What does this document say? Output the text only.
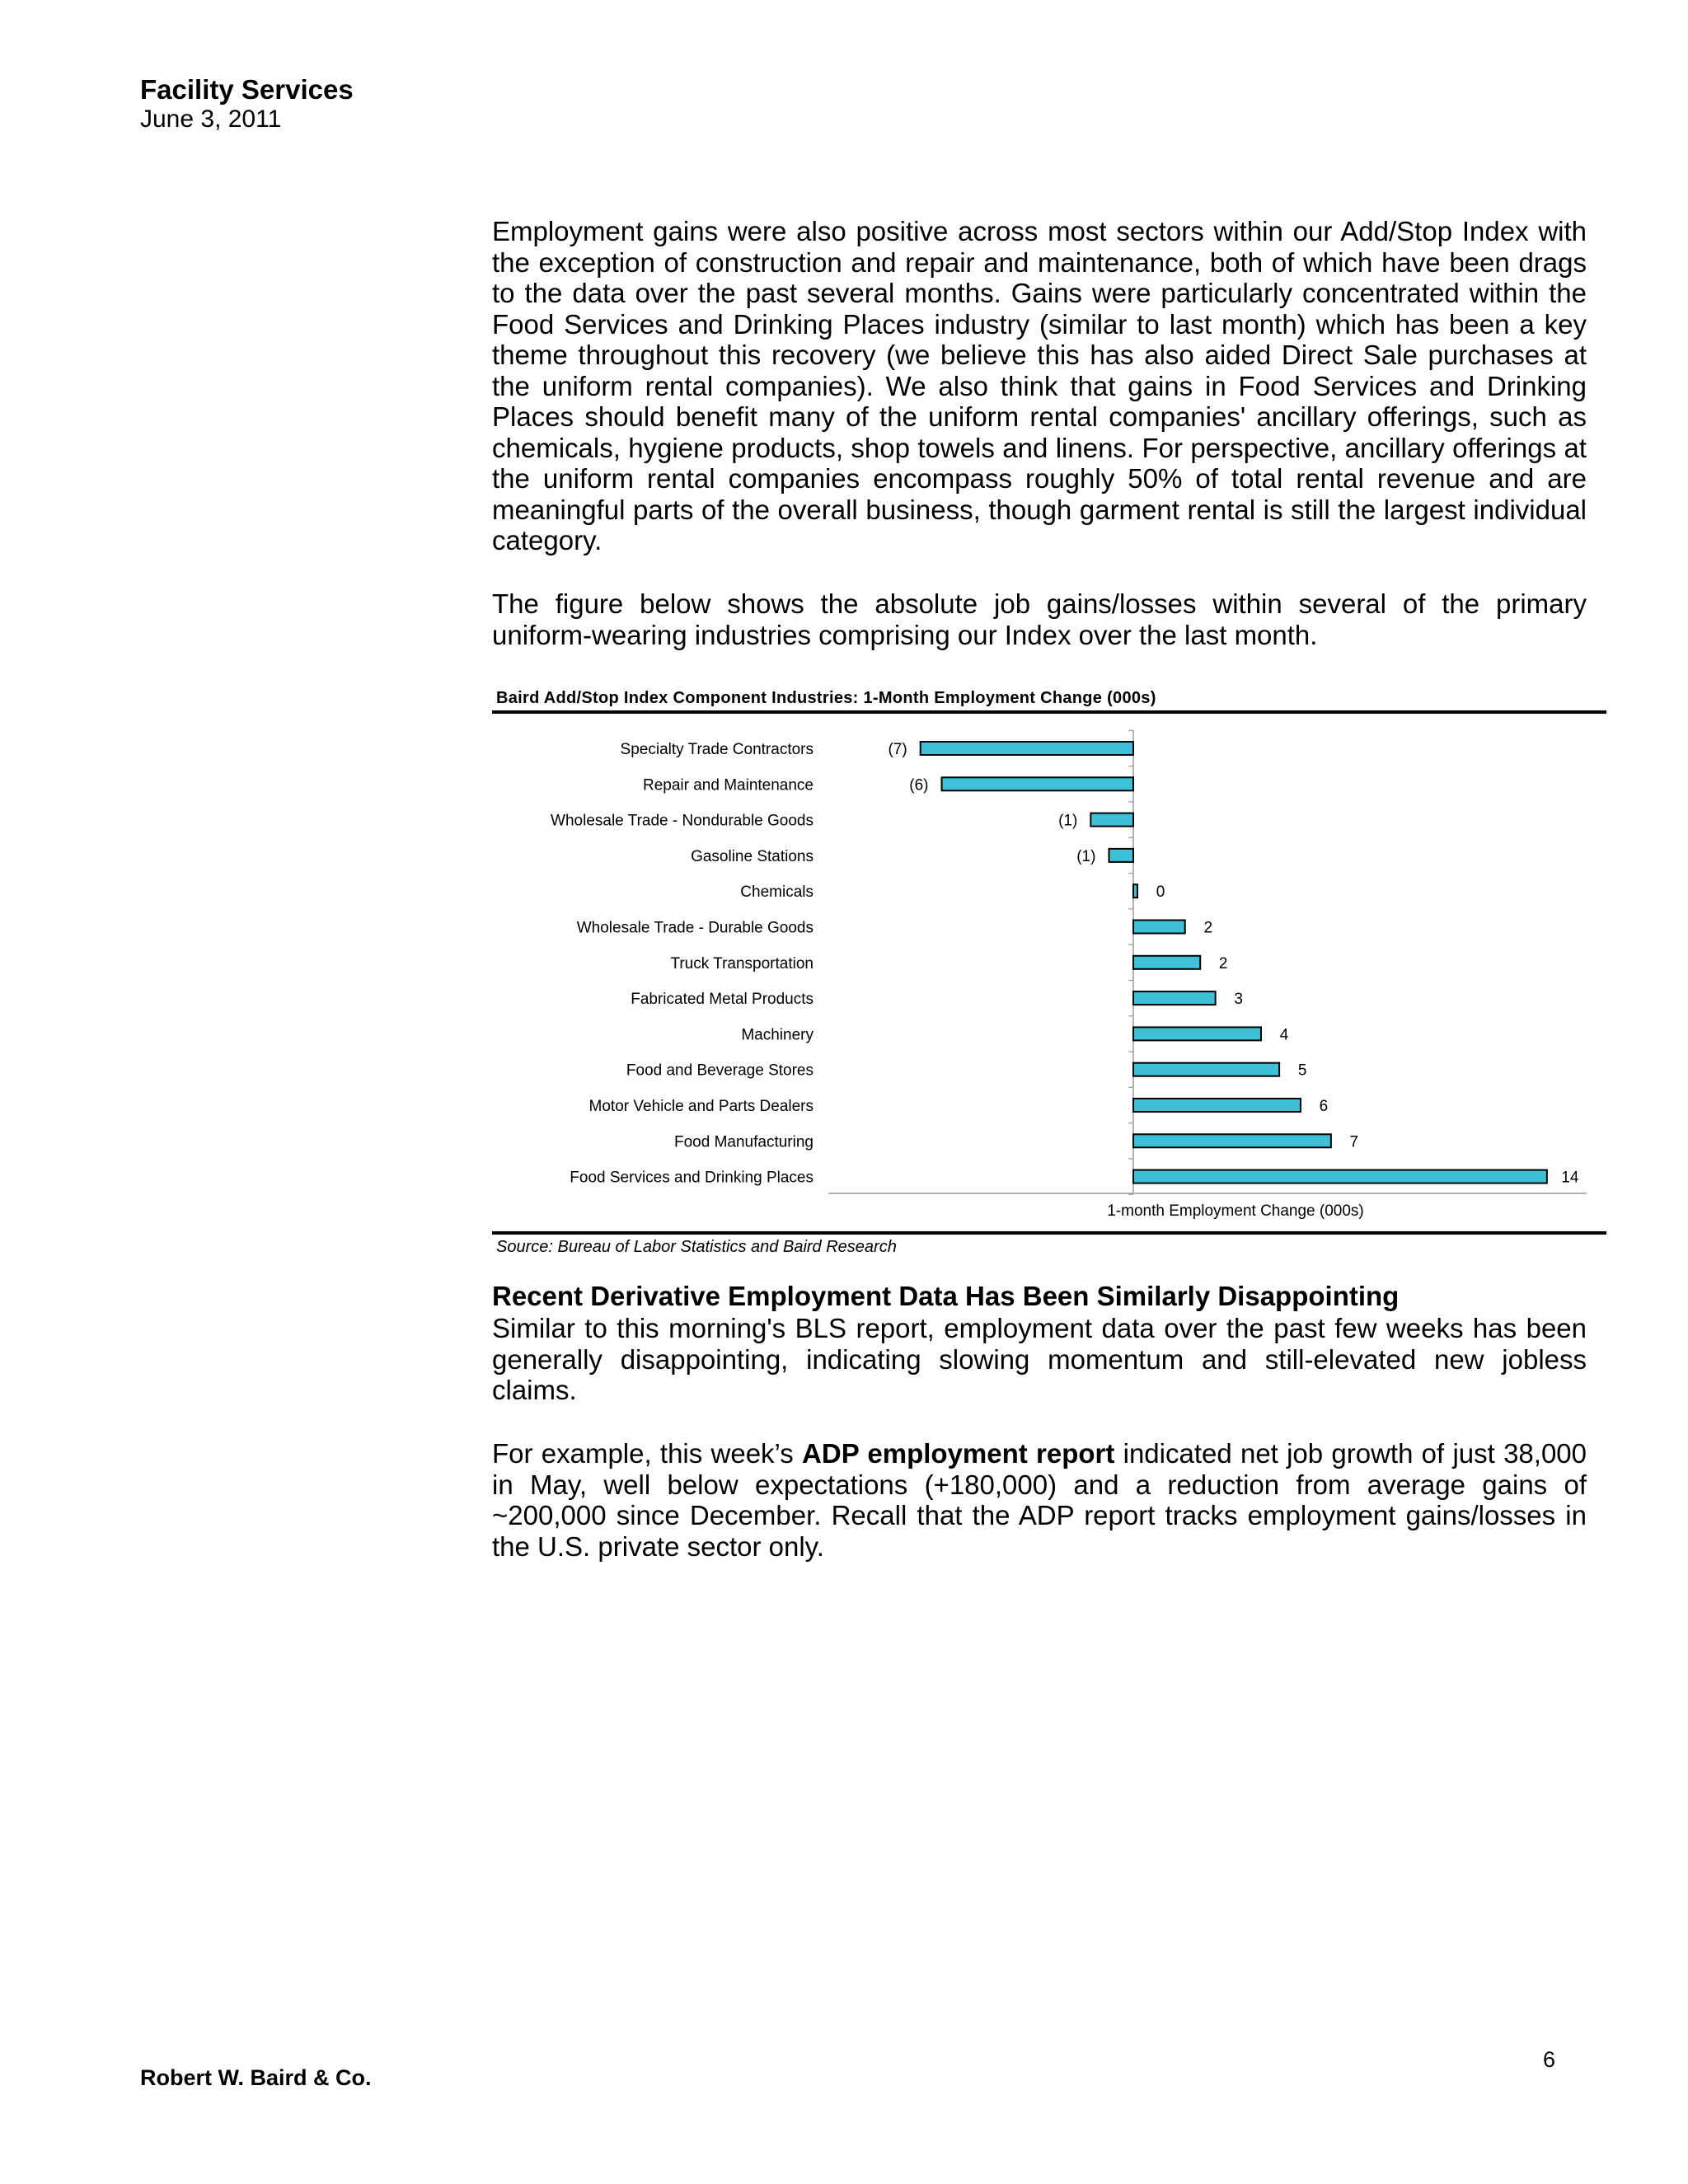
Facility Services
June 3, 2011

Employment gains were also positive across most sectors within our Add/Stop Index with the exception of construction and repair and maintenance, both of which have been drags to the data over the past several months. Gains were particularly concentrated within the Food Services and Drinking Places industry (similar to last month) which has been a key theme throughout this recovery (we believe this has also aided Direct Sale purchases at the uniform rental companies). We also think that gains in Food Services and Drinking Places should benefit many of the uniform rental companies' ancillary offerings, such as chemicals, hygiene products, shop towels and linens. For perspective, ancillary offerings at the uniform rental companies encompass roughly 50% of total rental revenue and are meaningful parts of the overall business, though garment rental is still the largest individual category.

The figure below shows the absolute job gains/losses within several of the primary uniform-wearing industries comprising our Index over the last month.

Baird Add/Stop Index Component Industries: 1-Month Employment Change (000s)
Specialty Trade Contractors	(7)
Repair and Maintenance	(6)
Wholesale Trade - Nondurable Goods	(1)
Gasoline Stations	(1)
Chemicals	0
Wholesale Trade - Durable Goods	2
Truck Transportation	2
Fabricated Metal Products	3
Machinery	4
Food and Beverage Stores	5
Motor Vehicle and Parts Dealers	6
Food Manufacturing	7
Food Services and Drinking Places	14
1-month Employment Change (000s)
Source: Bureau of Labor Statistics and Baird Research
Recent Derivative Employment Data Has Been Similarly Disappointing

Similar to this morning's BLS report, employment data over the past few weeks has been generally disappointing, indicating slowing momentum and still-elevated new jobless claims.

For example, this week’s ADP employment report indicated net job growth of just 38,000 in May, well below expectations (+180,000) and a reduction from average gains of ~200,000 since December. Recall that the ADP report tracks employment gains/losses in the U.S. private sector only.

6
Robert W. Baird & Co.
